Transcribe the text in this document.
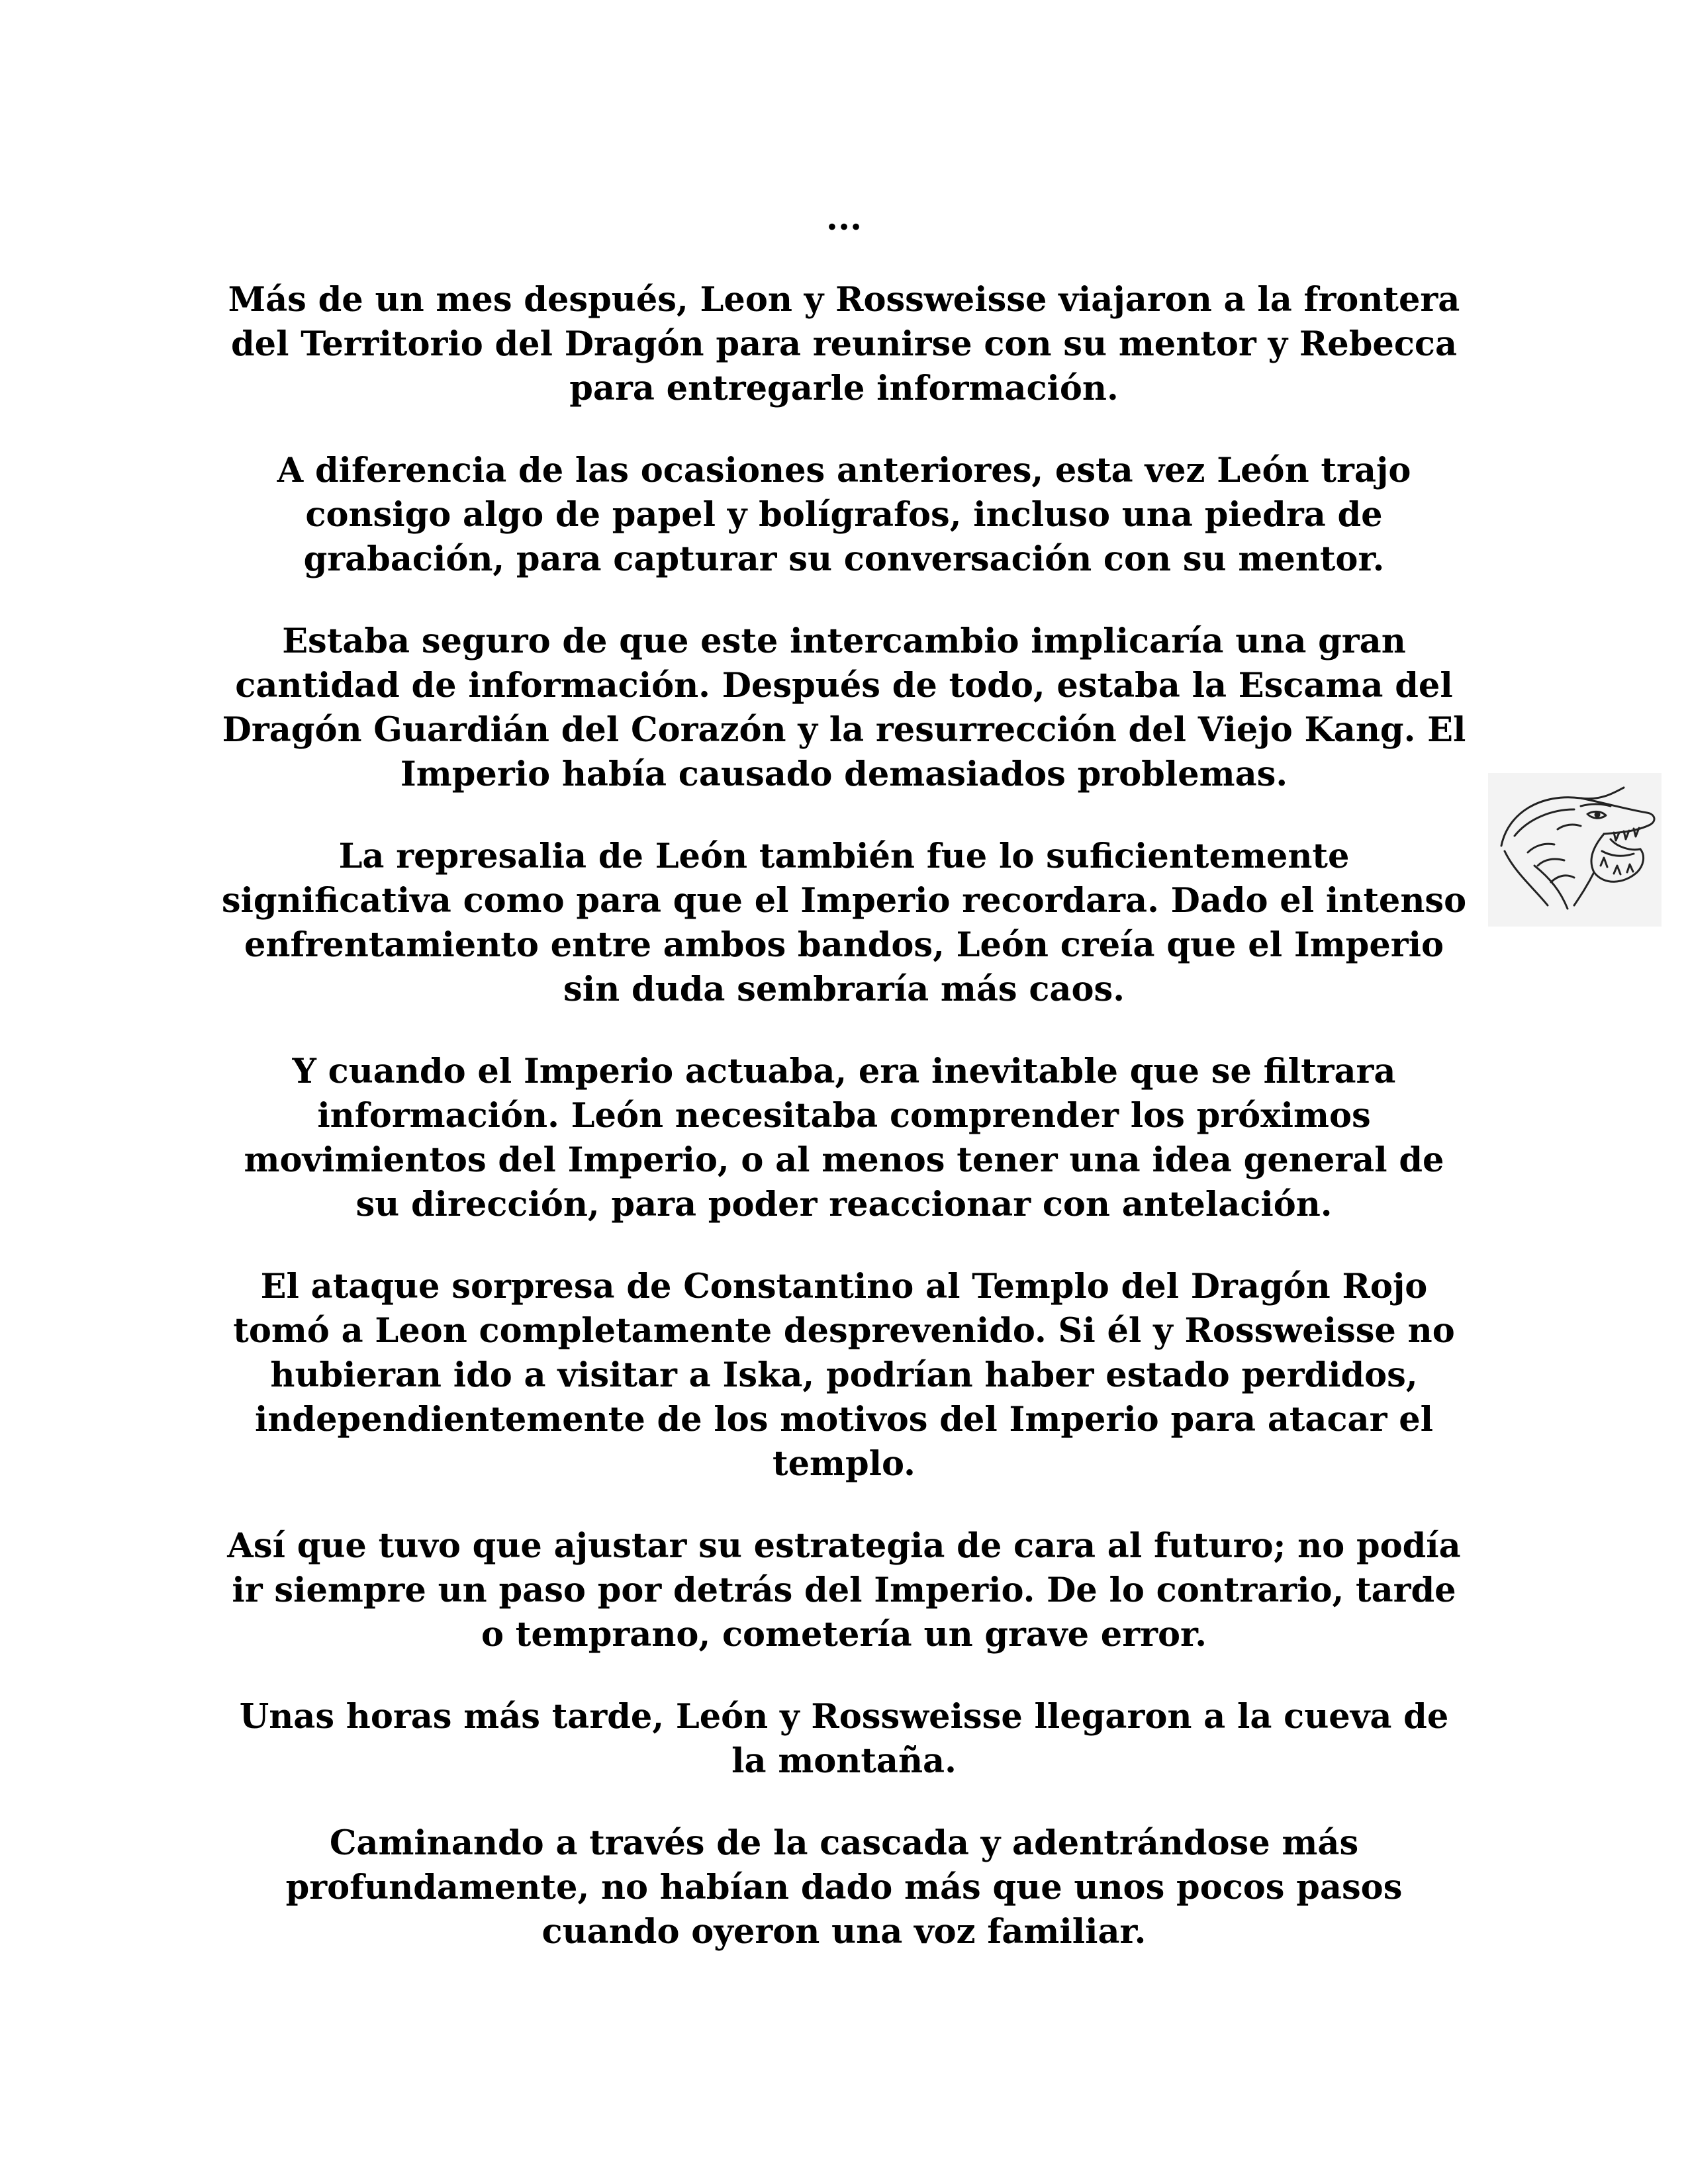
...

Más de un mes después, Leon y Rossweisse viajaron a la frontera del Territorio del Dragón para reunirse con su mentor y Rebecca para entregarle información.

A diferencia de las ocasiones anteriores, esta vez León trajo consigo algo de papel y bolígrafos, incluso una piedra de grabación, para capturar su conversación con su mentor.

Estaba seguro de que este intercambio implicaría una gran cantidad de información. Después de todo, estaba la Escama del Dragón Guardián del Corazón y la resurrección del Viejo Kang. El Imperio había causado demasiados problemas.

La represalia de León también fue lo suficientemente significativa como para que el Imperio recordara. Dado el intenso enfrentamiento entre ambos bandos, León creía que el Imperio sin duda sembraría más caos.

Y cuando el Imperio actuaba, era inevitable que se filtrara información. León necesitaba comprender los próximos movimientos del Imperio, o al menos tener una idea general de su dirección, para poder reaccionar con antelación.

El ataque sorpresa de Constantino al Templo del Dragón Rojo tomó a Leon completamente desprevenido. Si él y Rossweisse no hubieran ido a visitar a Iska, podrían haber estado perdidos, independientemente de los motivos del Imperio para atacar el templo.

Así que tuvo que ajustar su estrategia de cara al futuro; no podía ir siempre un paso por detrás del Imperio. De lo contrario, tarde o temprano, cometería un grave error.

Unas horas más tarde, León y Rossweisse llegaron a la cueva de la montaña.

Caminando a través de la cascada y adentrándose más profundamente, no habían dado más que unos pocos pasos cuando oyeron una voz familiar.
